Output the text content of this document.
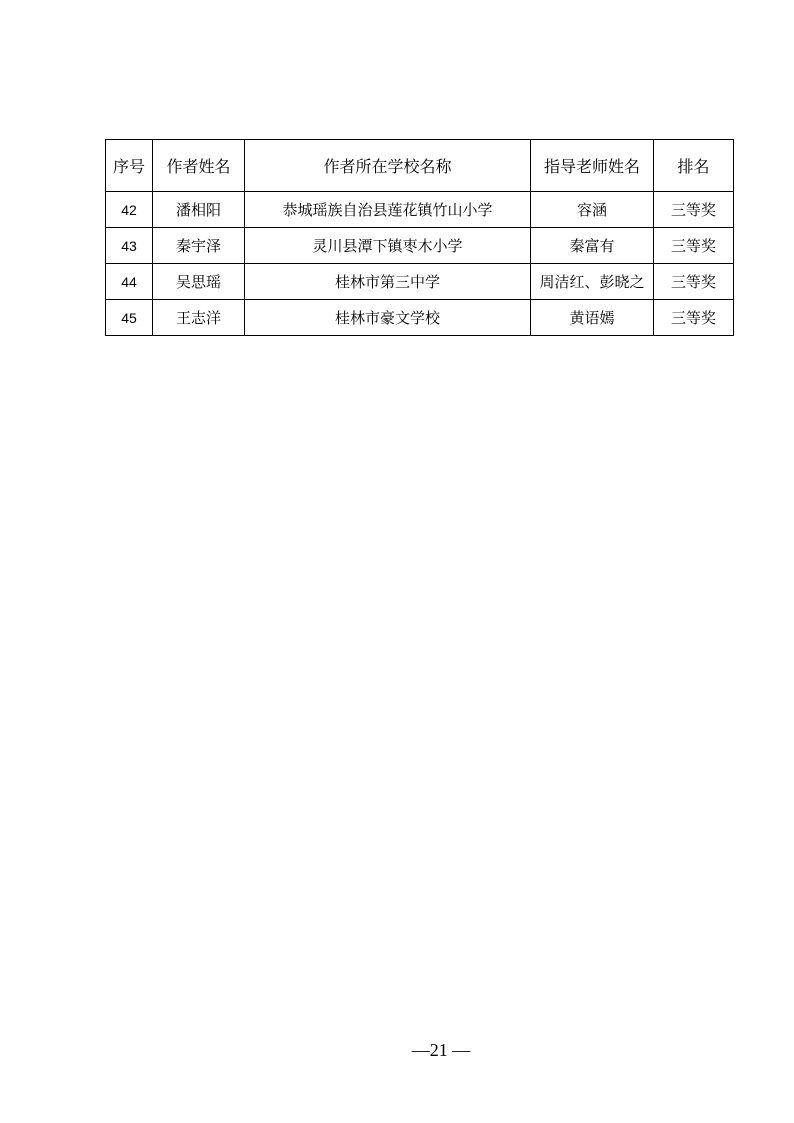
序号	作者姓名	作者所在学校名称	指导老师姓名	排名
42	潘相阳	恭城瑶族自治县莲花镇竹山小学	容涵	三等奖
43	秦宇泽	灵川县潭下镇枣木小学	秦富有	三等奖
44	吴思瑶	桂林市第三中学	周洁红、彭晓之	三等奖
45	王志洋	桂林市豪文学校	黄语嫣	三等奖
—21 —
